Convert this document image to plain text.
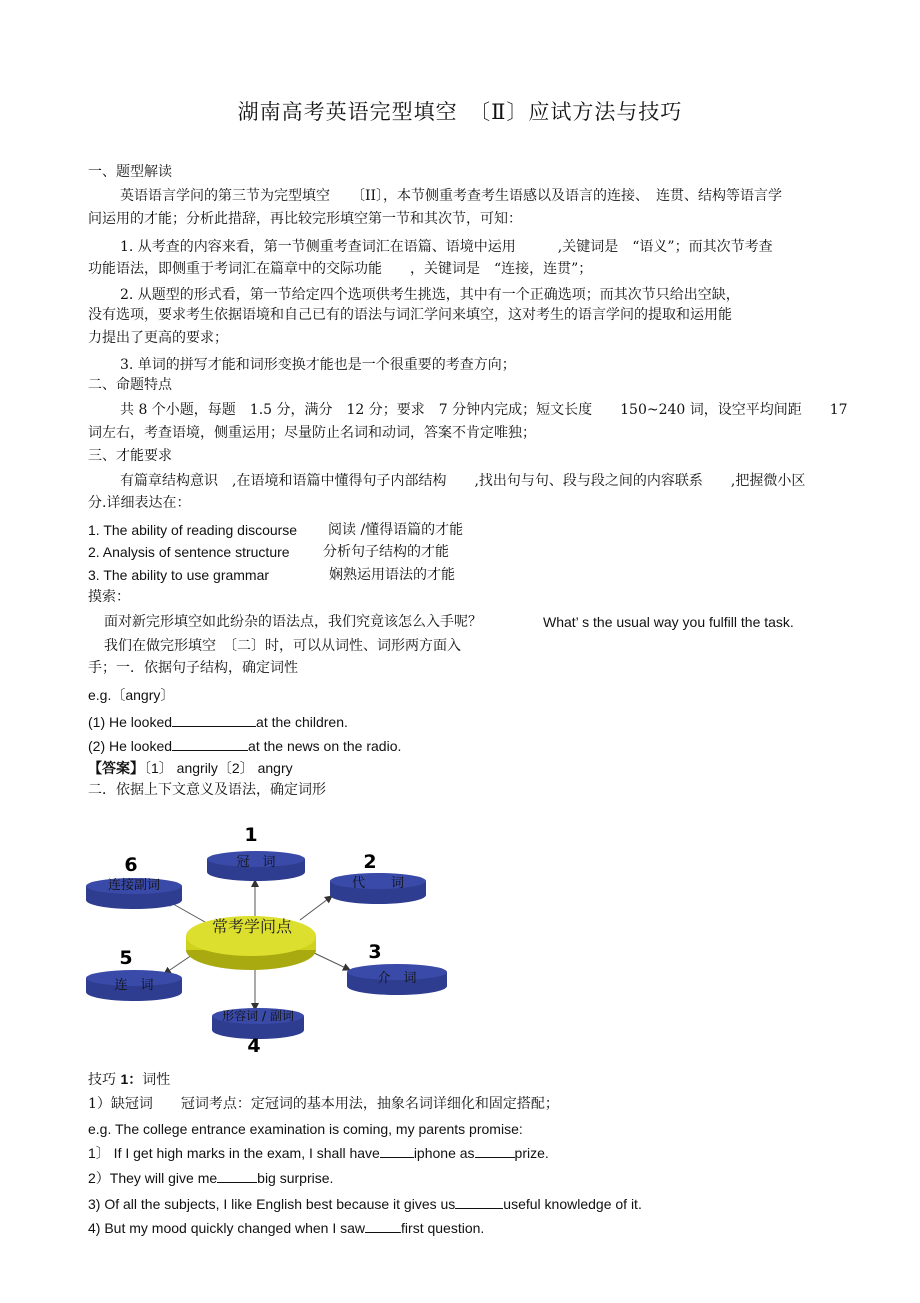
湖南高考英语完型填空　〔Ⅱ〕应试方法与技巧
一、题型解读
英语语言学问的第三节为完型填空　　〔II〕，本节侧重考查考生语感以及语言的连接、　连贯、结构等语言学
问运用的才能；分析此措辞，再比较完形填空第一节和其次节，可知：
1. 从考查的内容来看，第一节侧重考查词汇在语篇、语境中运用　　　,关键词是　“语义”；而其次节考查
功能语法，即侧重于考词汇在篇章中的交际功能　　，关键词是　“连接，连贯”；
2. 从题型的形式看，第一节给定四个选项供考生挑选，其中有一个正确选项；而其次节只给出空缺，
没有选项，要求考生依据语境和自己已有的语法与词汇学问来填空，这对考生的语言学问的提取和运用能
力提出了更高的要求；
3. 单词的拼写才能和词形变换才能也是一个很重要的考查方向；
二、命题特点
共 8 个小题，每题　1.5 分，满分　12 分；要求　7 分钟内完成；短文长度　　150~240 词，设空平均间距　　17
词左右，考查语境，侧重运用；尽量防止名词和动词，答案不肯定唯独；
三、才能要求
有篇章结构意识　,在语境和语篇中懂得句子内部结构　　,找出句与句、段与段之间的内容联系　　,把握微小区
分.详细表达在：
1. The ability of reading discourse 阅读 /懂得语篇的才能
2. Analysis of sentence structure 分析句子结构的才能
3. The ability to use grammar	娴熟运用语法的才能
摸索：
面对新完形填空如此纷杂的语法点，我们究竟该怎么入手呢？	What’ s the usual way you fulfill the task.
我们在做完形填空　〔二〕时，可以从词性、词形两方面入
手；一．依据句子结构，确定词性
e.g.〔angry〕
(1) He looked	at the children.
(2) He looked	at the news on the radio.
【答案】〔1〕 angrily〔2〕 angry
二．依据上下文意义及语法，确定词形
常考学问点
冠　词
代　　词
介　词
形容词 / 副词
连　词
连接副词
1
2
3
4
5
6
技巧 1：词性
1）缺冠词　　冠词考点：定冠词的基本用法，抽象名词详细化和固定搭配；
e.g. The college entrance examination is coming, my parents promise:
1〕 If I get high marks in the exam, I shall have iphone as	prize.
2）They will give me	big surprise.
3) Of all the subjects, I like English best because it gives us	useful knowledge of it.
4) But my mood quickly changed when I saw	first question.
